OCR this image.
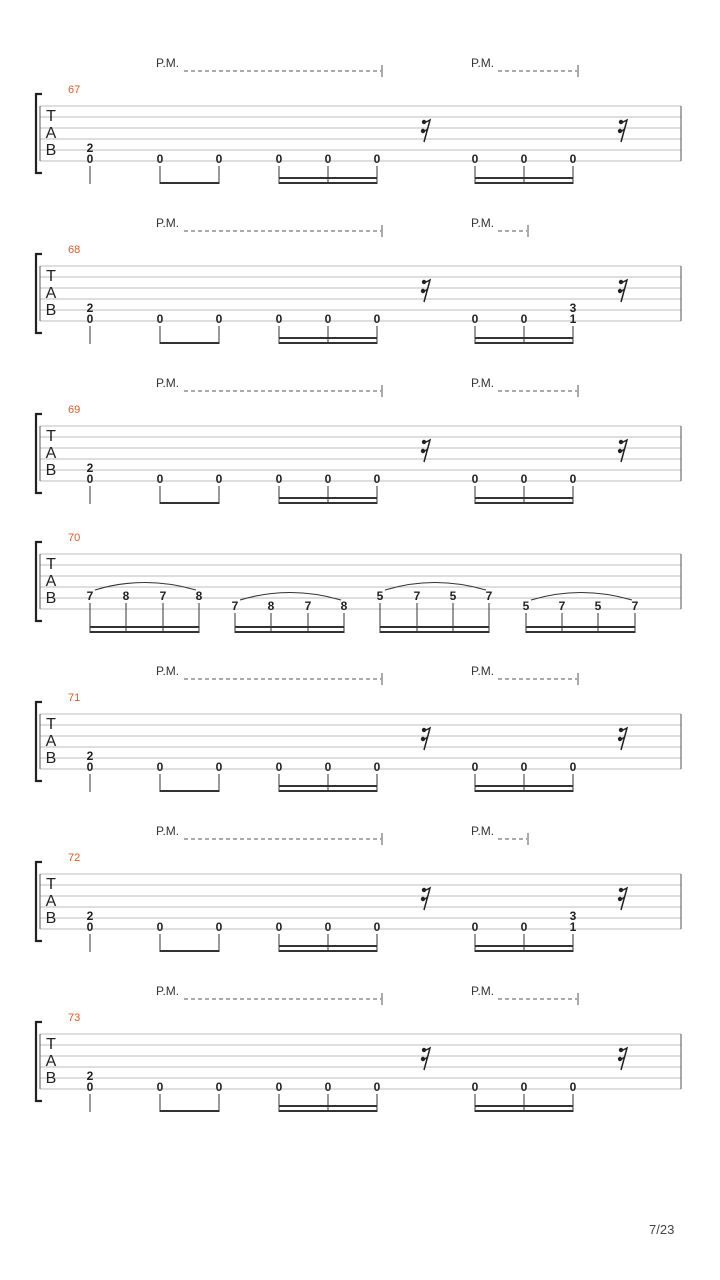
T
A
B
67
P.M.	P.M.
2
0	0	0	0	0	0	0	0	0
T
A
B
68
P.M.	P.M.
2
0	0	0	0	0	0	0	0
3
1
T
A
B
69
P.M.	P.M.
2
0	0	0	0	0	0	0	0	0
T
A
B
70
7 8	7 8
7 8	7 8
5	7 5 7
5 7 5	7
T
A
B
71
P.M.	P.M.
2
0	0	0	0	0	0	0	0	0
T
A
B
72
P.M.	P.M.
2
0	0	0	0	0	0	0	0
3
1
T
A
B
73
P.M.	P.M.
2
0	0	0	0	0	0	0	0	0
7/23
